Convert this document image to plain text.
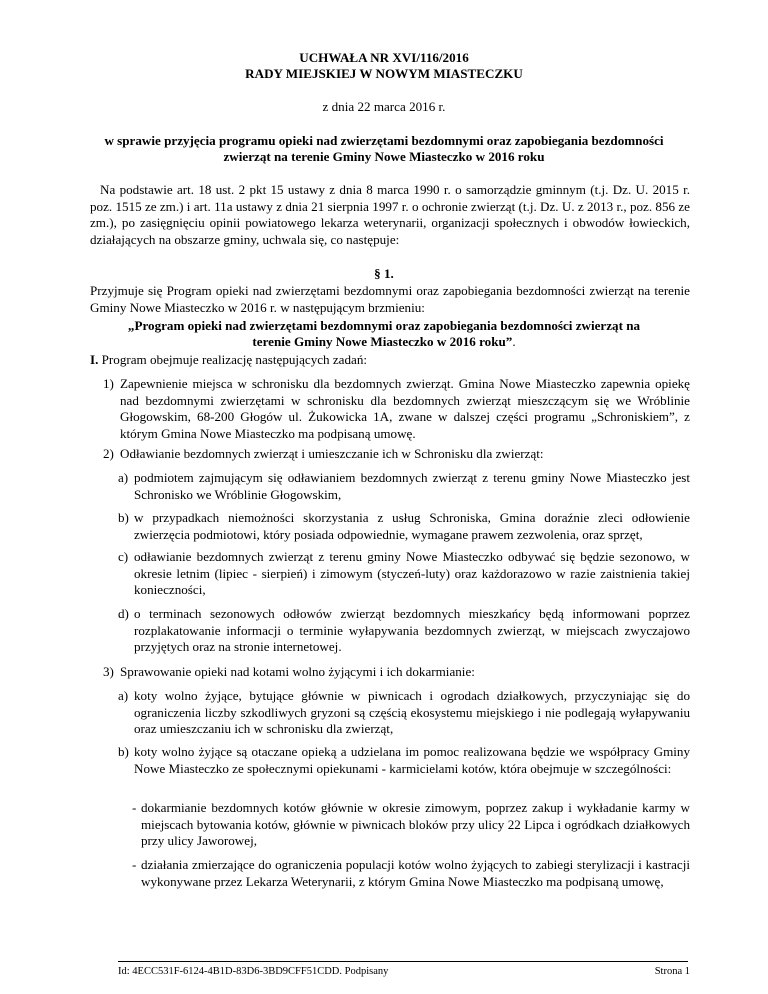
UCHWAŁA NR XVI/116/2016
RADY MIEJSKIEJ W NOWYM MIASTECZKU
z dnia 22 marca 2016 r.
w sprawie przyjęcia programu opieki nad zwierzętami bezdomnymi oraz zapobiegania bezdomności
zwierząt na terenie Gminy Nowe Miasteczko w 2016 roku
Na podstawie art. 18 ust. 2 pkt 15 ustawy z dnia 8 marca 1990 r. o samorządzie gminnym (t.j. Dz. U. 2015 r. poz. 1515 ze zm.) i art. 11a ustawy z dnia 21 sierpnia 1997 r. o ochronie zwierząt (t.j. Dz. U. z 2013 r., poz. 856 ze zm.), po zasięgnięciu opinii powiatowego lekarza weterynarii, organizacji społecznych i obwodów łowieckich, działających na obszarze gminy, uchwala się, co następuje:
§ 1.
Przyjmuje się Program opieki nad zwierzętami bezdomnymi oraz zapobiegania bezdomności zwierząt na terenie Gminy Nowe Miasteczko w 2016 r. w następującym brzmieniu:
„Program opieki nad zwierzętami bezdomnymi oraz zapobiegania bezdomności zwierząt na
terenie Gminy Nowe Miasteczko w 2016 roku”.
I. Program obejmuje realizację następujących zadań:
1) Zapewnienie miejsca w schronisku dla bezdomnych zwierząt. Gmina Nowe Miasteczko zapewnia opiekę nad bezdomnymi zwierzętami w schronisku dla bezdomnych zwierząt mieszczącym się we Wróblinie Głogowskim, 68-200 Głogów ul. Żukowicka 1A, zwane w dalszej części programu „Schroniskiem”, z którym Gmina Nowe Miasteczko ma podpisaną umowę.
2) Odławianie bezdomnych zwierząt i umieszczanie ich w Schronisku dla zwierząt:
a) podmiotem zajmującym się odławianiem bezdomnych zwierząt z terenu gminy Nowe Miasteczko jest Schronisko we Wróblinie Głogowskim,
b) w przypadkach niemożności skorzystania z usług Schroniska, Gmina doraźnie zleci odłowienie zwierzęcia podmiotowi, który posiada odpowiednie, wymagane prawem zezwolenia, oraz sprzęt,
c) odławianie bezdomnych zwierząt z terenu gminy Nowe Miasteczko odbywać się będzie sezonowo, w okresie letnim (lipiec - sierpień) i zimowym (styczeń-luty) oraz każdorazowo w razie zaistnienia takiej konieczności,
d) o terminach sezonowych odłowów zwierząt bezdomnych mieszkańcy będą informowani poprzez rozplakatowanie informacji o terminie wyłapywania bezdomnych zwierząt, w miejscach zwyczajowo przyjętych oraz na stronie internetowej.
3) Sprawowanie opieki nad kotami wolno żyjącymi i ich dokarmianie:
a) koty wolno żyjące, bytujące głównie w piwnicach i ogrodach działkowych, przyczyniając się do ograniczenia liczby szkodliwych gryzoni są częścią ekosystemu miejskiego i nie podlegają wyłapywaniu oraz umieszczaniu ich w schronisku dla zwierząt,
b) koty wolno żyjące są otaczane opieką a udzielana im pomoc realizowana będzie we współpracy Gminy Nowe Miasteczko ze społecznymi opiekunami - karmicielami kotów, która obejmuje w szczególności:
- dokarmianie bezdomnych kotów głównie w okresie zimowym, poprzez zakup i wykładanie karmy w miejscach bytowania kotów, głównie w piwnicach bloków przy ulicy 22 Lipca i ogródkach działkowych przy ulicy Jaworowej,
- działania zmierzające do ograniczenia populacji kotów wolno żyjących to zabiegi sterylizacji i kastracji wykonywane przez Lekarza Weterynarii, z którym Gmina Nowe Miasteczko ma podpisaną umowę,
Id: 4ECC531F-6124-4B1D-83D6-3BD9CFF51CDD. Podpisany	Strona 1
